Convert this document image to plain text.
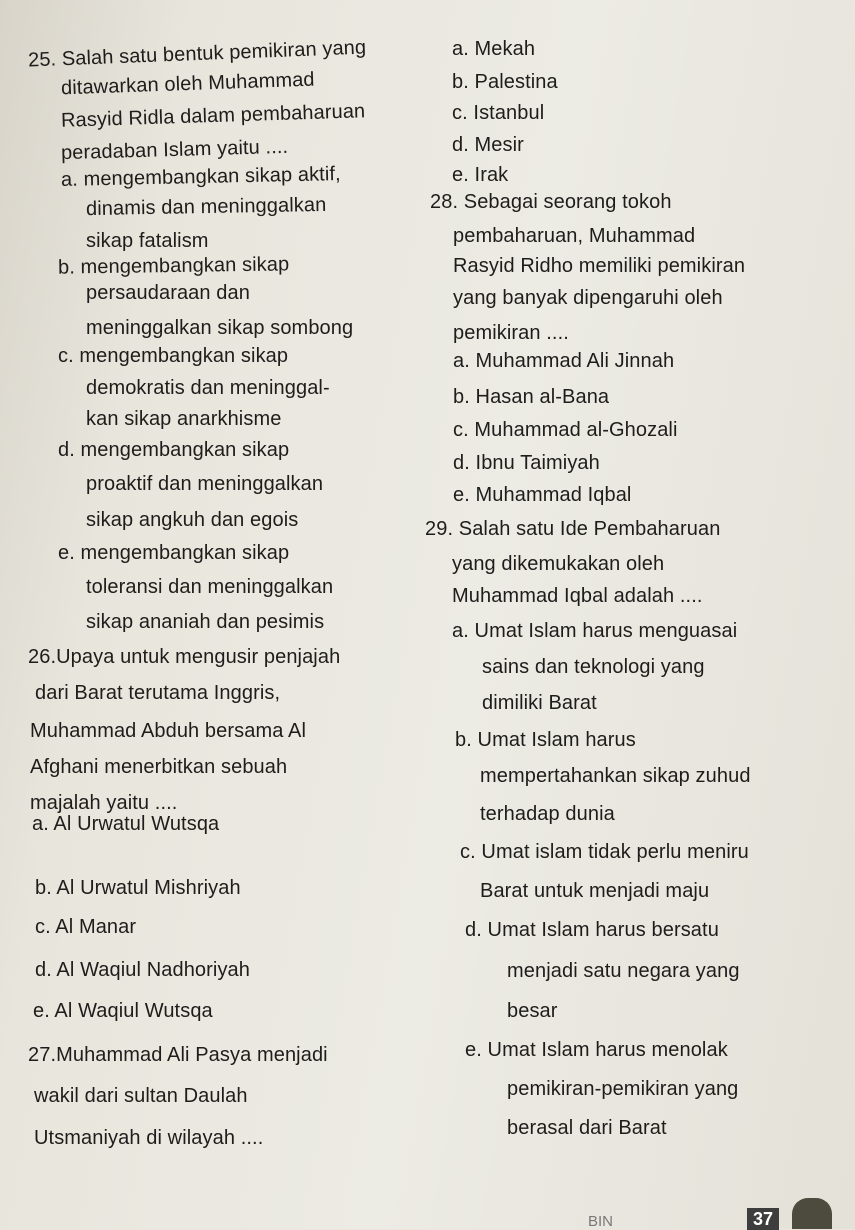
25. Salah satu bentuk pemikiran yang
ditawarkan oleh Muhammad
Rasyid Ridla dalam pembaharuan
peradaban Islam yaitu ....
a. mengembangkan sikap aktif,
dinamis dan meninggalkan
sikap fatalism
b. mengembangkan sikap
persaudaraan dan
meninggalkan sikap sombong
c. mengembangkan sikap
demokratis dan meninggal-
kan sikap anarkhisme
d. mengembangkan sikap
proaktif dan meninggalkan
sikap angkuh dan egois
e. mengembangkan sikap
toleransi dan meninggalkan
sikap ananiah dan pesimis
26.Upaya untuk mengusir penjajah
dari Barat terutama Inggris,
Muhammad Abduh bersama Al
Afghani menerbitkan sebuah
majalah yaitu ....
a. Al Urwatul Wutsqa
b. Al Urwatul Mishriyah
c. Al Manar
d. Al Waqiul Nadhoriyah
e. Al Waqiul Wutsqa
27.Muhammad Ali Pasya menjadi
wakil dari sultan Daulah
Utsmaniyah di wilayah ....
a. Mekah
b. Palestina
c. Istanbul
d. Mesir
e. Irak
28. Sebagai seorang tokoh
pembaharuan, Muhammad
Rasyid Ridho memiliki pemikiran
yang banyak dipengaruhi oleh
pemikiran ....
a. Muhammad Ali Jinnah
b. Hasan al-Bana
c. Muhammad al-Ghozali
d. Ibnu Taimiyah
e. Muhammad Iqbal
29. Salah satu Ide Pembaharuan
yang dikemukakan oleh
Muhammad Iqbal adalah ....
a. Umat Islam harus menguasai
sains dan teknologi yang
dimiliki Barat
b. Umat Islam harus
mempertahankan sikap zuhud
terhadap dunia
c. Umat islam tidak perlu meniru
Barat untuk menjadi maju
d. Umat Islam harus bersatu
menjadi satu negara yang
besar
e. Umat Islam harus menolak
pemikiran-pemikiran yang
berasal dari Barat
BIN	37
